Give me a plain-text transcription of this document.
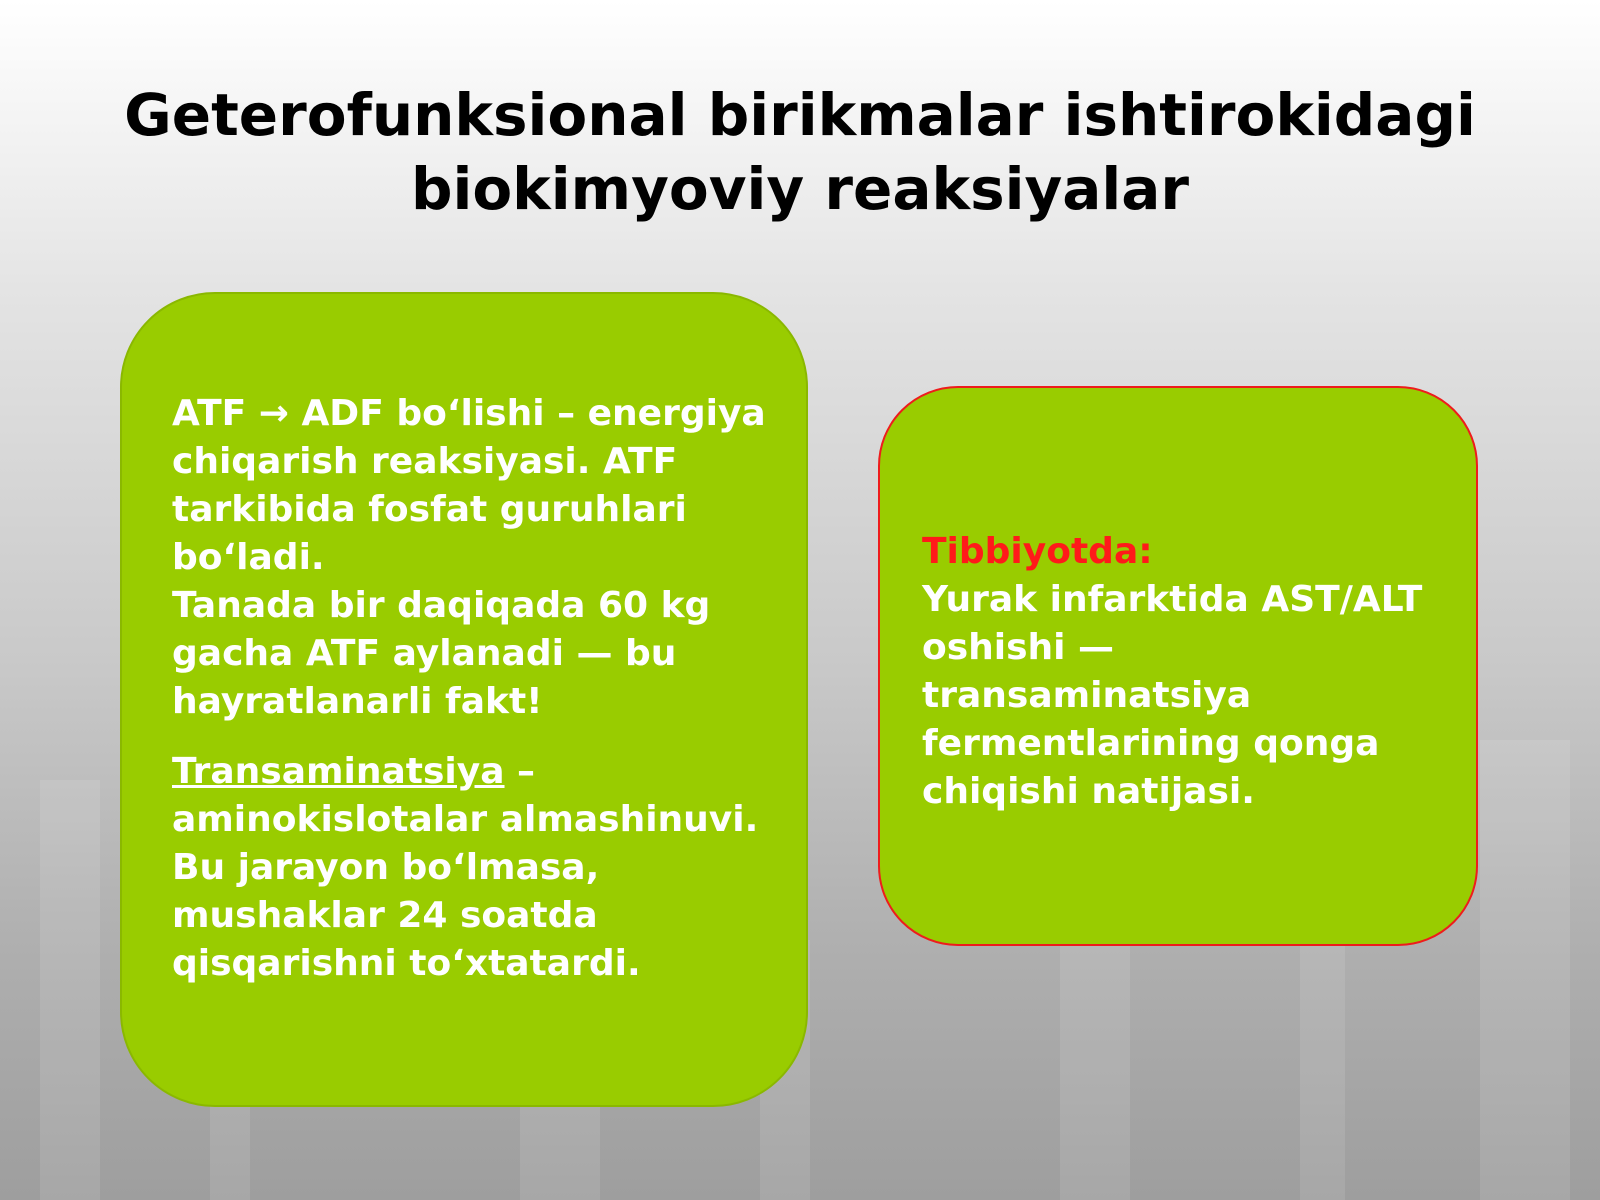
Geterofunksional birikmalar ishtirokidagi
biokimyoviy reaksiyalar

ATF → ADF bo‘lishi – energiya
chiqarish reaksiyasi. ATF
tarkibida fosfat guruhlari
bo‘ladi.
Tanada bir daqiqada 60 kg
gacha ATF aylanadi — bu
hayratlanarli fakt!

Transaminatsiya –
aminokislotalar almashinuvi.
Bu jarayon bo‘lmasa,
mushaklar 24 soatda
qisqarishni to‘xtatardi.

Tibbiyotda:
Yurak infarktida AST/ALT
oshishi —
transaminatsiya
fermentlarining qonga
chiqishi natijasi.
